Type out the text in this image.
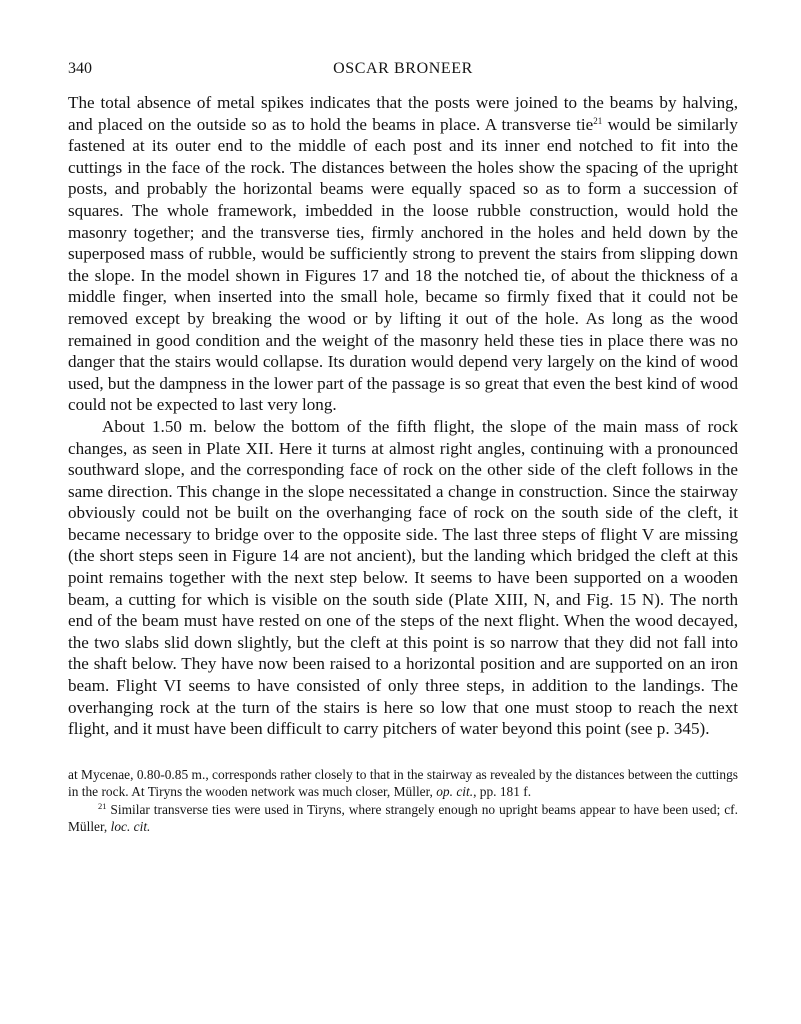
340	OSCAR BRONEER

The total absence of metal spikes indicates that the posts were joined to the beams by halving, and placed on the outside so as to hold the beams in place. A transverse tie$^{21}$ would be similarly fastened at its outer end to the middle of each post and its inner end notched to fit into the cuttings in the face of the rock. The distances between the holes show the spacing of the upright posts, and probably the horizontal beams were equally spaced so as to form a succession of squares. The whole framework, imbedded in the loose rubble construction, would hold the masonry together; and the transverse ties, firmly anchored in the holes and held down by the superposed mass of rubble, would be sufficiently strong to prevent the stairs from slipping down the slope. In the model shown in Figures 17 and 18 the notched tie, of about the thickness of a middle finger, when inserted into the small hole, became so firmly fixed that it could not be removed except by breaking the wood or by lifting it out of the hole. As long as the wood remained in good condition and the weight of the masonry held these ties in place there was no danger that the stairs would collapse. Its duration would depend very largely on the kind of wood used, but the dampness in the lower part of the passage is so great that even the best kind of wood could not be expected to last very long.

About 1.50 m. below the bottom of the fifth flight, the slope of the main mass of rock changes, as seen in Plate XII. Here it turns at almost right angles, continuing with a pronounced southward slope, and the corresponding face of rock on the other side of the cleft follows in the same direction. This change in the slope necessitated a change in construction. Since the stairway obviously could not be built on the overhanging face of rock on the south side of the cleft, it became necessary to bridge over to the opposite side. The last three steps of flight V are missing (the short steps seen in Figure 14 are not ancient), but the landing which bridged the cleft at this point remains together with the next step below. It seems to have been supported on a wooden beam, a cutting for which is visible on the south side (Plate XIII, N, and Fig. 15 N). The north end of the beam must have rested on one of the steps of the next flight. When the wood decayed, the two slabs slid down slightly, but the cleft at this point is so narrow that they did not fall into the shaft below. They have now been raised to a horizontal position and are supported on an iron beam. Flight VI seems to have consisted of only three steps, in addition to the landings. The overhanging rock at the turn of the stairs is here so low that one must stoop to reach the next flight, and it must have been difficult to carry pitchers of water beyond this point (see p. 345).

at Mycenae, 0.80-0.85 m., corresponds rather closely to that in the stairway as revealed by the distances between the cuttings in the rock. At Tiryns the wooden network was much closer, Müller, op. cit., pp. 181 f.

$^{21}$ Similar transverse ties were used in Tiryns, where strangely enough no upright beams appear to have been used; cf. Müller, loc. cit.
